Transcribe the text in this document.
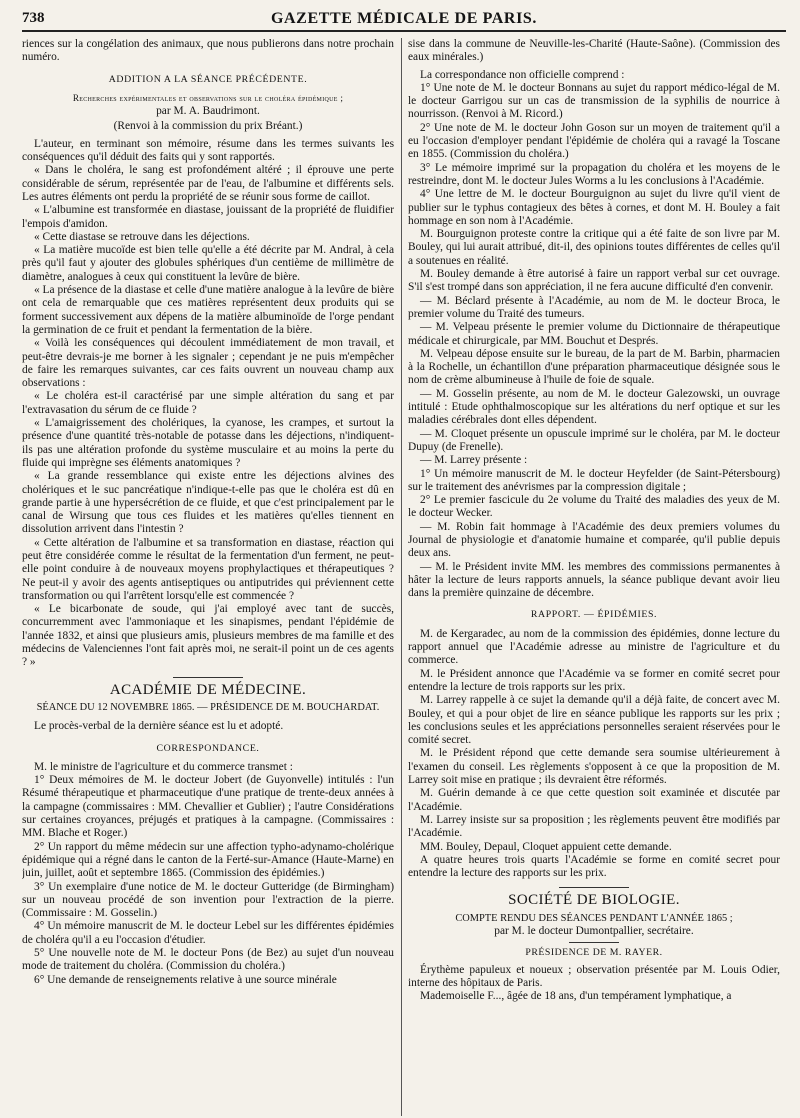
738	GAZETTE MÉDICALE DE PARIS.

riences sur la congélation des animaux, que nous publierons dans notre prochain numéro.

ADDITION A LA SÉANCE PRÉCÉDENTE.
Recherches expérimentales et observations sur le choléra épidémique ;
par M. A. Baudrimont.
(Renvoi à la commission du prix Bréant.)

L'auteur, en terminant son mémoire, résume dans les termes suivants les conséquences qu'il déduit des faits qui y sont rapportés.

« Dans le choléra, le sang est profondément altéré ; il éprouve une perte considérable de sérum, représentée par de l'eau, de l'albumine et différents sels. Les autres éléments ont perdu la propriété de se réunir sous forme de caillot.

« L'albumine est transformée en diastase, jouissant de la propriété de fluidifier l'empois d'amidon.

« Cette diastase se retrouve dans les déjections.

« La matière mucoïde est bien telle qu'elle a été décrite par M. Andral, à cela près qu'il faut y ajouter des globules sphériques d'un centième de millimètre de diamètre, analogues à ceux qui constituent la levûre de bière.

« La présence de la diastase et celle d'une matière analogue à la levûre de bière ont cela de remarquable que ces matières représentent deux produits qui se forment successivement aux dépens de la matière albuminoïde de l'orge pendant la germination de ce fruit et pendant la fermentation de la bière.

« Voilà les conséquences qui découlent immédiatement de mon travail, et peut-être devrais-je me borner à les signaler ; cependant je ne puis m'empêcher de faire les remarques suivantes, car ces faits ouvrent un nouveau champ aux observations :

« Le choléra est-il caractérisé par une simple altération du sang et par l'extravasation du sérum de ce fluide ?

« L'amaigrissement des cholériques, la cyanose, les crampes, et surtout la présence d'une quantité très-notable de potasse dans les déjections, n'indiquent-ils pas une altération profonde du système musculaire et au moins la perte du fluide qui imprègne ses éléments anatomiques ?

« La grande ressemblance qui existe entre les déjections alvines des cholériques et le suc pancréatique n'indique-t-elle pas que le choléra est dû en grande partie à une hypersécrétion de ce fluide, et que c'est principalement par le canal de Wirsung que tous ces fluides et les matières qu'elles tiennent en dissolution arrivent dans l'intestin ?

« Cette altération de l'albumine et sa transformation en diastase, réaction qui peut être considérée comme le résultat de la fermentation d'un ferment, ne peut-elle point conduire à de nouveaux moyens prophylactiques et thérapeutiques ? Ne peut-il y avoir des agents antiseptiques ou antiputrides qui préviennent cette transformation ou qui l'arrêtent lorsqu'elle est commencée ?

« Le bicarbonate de soude, qui j'ai employé avec tant de succès, concurremment avec l'ammoniaque et les sinapismes, pendant l'épidémie de l'année 1832, et ainsi que plusieurs amis, plusieurs membres de ma famille et des médecins de Valenciennes l'ont fait après moi, ne serait-il point un de ces agents ? »

ACADÉMIE DE MÉDECINE.

SÉANCE DU 12 NOVEMBRE 1865. — PRÉSIDENCE DE M. BOUCHARDAT.

Le procès-verbal de la dernière séance est lu et adopté.

CORRESPONDANCE.

M. le ministre de l'agriculture et du commerce transmet :

1° Deux mémoires de M. le docteur Jobert (de Guyonvelle) intitulés : l'un Résumé thérapeutique et pharmaceutique d'une pratique de trente-deux années à la campagne (commissaires : MM. Chevallier et Gublier) ; l'autre Considérations sur certaines croyances, préjugés et pratiques à la campagne. (Commissaires : MM. Blache et Roger.)

2° Un rapport du même médecin sur une affection typho-adynamo-cholérique épidémique qui a régné dans le canton de la Ferté-sur-Amance (Haute-Marne) en juin, juillet, août et septembre 1865. (Commission des épidémies.)

3° Un exemplaire d'une notice de M. le docteur Gutteridge (de Birmingham) sur un nouveau procédé de son invention pour l'extraction de la pierre. (Commissaire : M. Gosselin.)

4° Un mémoire manuscrit de M. le docteur Lebel sur les différentes épidémies de choléra qu'il a eu l'occasion d'étudier.

5° Une nouvelle note de M. le docteur Pons (de Bez) au sujet d'un nouveau mode de traitement du choléra. (Commission du choléra.)

6° Une demande de renseignements relative à une source minérale

sise dans la commune de Neuville-les-Charité (Haute-Saône). (Commission des eaux minérales.)

La correspondance non officielle comprend :

1° Une note de M. le docteur Bonnans au sujet du rapport médico-légal de M. le docteur Garrigou sur un cas de transmission de la syphilis de nourrice à nourrisson. (Renvoi à M. Ricord.)

2° Une note de M. le docteur John Goson sur un moyen de traitement qu'il a eu l'occasion d'employer pendant l'épidémie de choléra qui a ravagé la Toscane en 1855. (Commission du choléra.)

3° Le mémoire imprimé sur la propagation du choléra et les moyens de le restreindre, dont M. le docteur Jules Worms a lu les conclusions à l'Académie.

4° Une lettre de M. le docteur Bourguignon au sujet du livre qu'il vient de publier sur le typhus contagieux des bêtes à cornes, et dont M. H. Bouley a fait hommage en son nom à l'Académie.

M. Bourguignon proteste contre la critique qui a été faite de son livre par M. Bouley, qui lui aurait attribué, dit-il, des opinions toutes différentes de celles qu'il a soutenues en réalité.

M. Bouley demande à être autorisé à faire un rapport verbal sur cet ouvrage. S'il s'est trompé dans son appréciation, il ne fera aucune difficulté d'en convenir.

— M. Béclard présente à l'Académie, au nom de M. le docteur Broca, le premier volume du Traité des tumeurs.

— M. Velpeau présente le premier volume du Dictionnaire de thérapeutique médicale et chirurgicale, par MM. Bouchut et Després.

M. Velpeau dépose ensuite sur le bureau, de la part de M. Barbin, pharmacien à la Rochelle, un échantillon d'une préparation pharmaceutique désignée sous le nom de crème albumineuse à l'huile de foie de squale.

— M. Gosselin présente, au nom de M. le docteur Galezowski, un ouvrage intitulé : Etude ophthalmoscopique sur les altérations du nerf optique et sur les maladies cérébrales dont elles dépendent.

— M. Cloquet présente un opuscule imprimé sur le choléra, par M. le docteur Dupuy (de Frenelle).

— M. Larrey présente :

1° Un mémoire manuscrit de M. le docteur Heyfelder (de Saint-Pétersbourg) sur le traitement des anévrismes par la compression digitale ;

2° Le premier fascicule du 2e volume du Traité des maladies des yeux de M. le docteur Wecker.

— M. Robin fait hommage à l'Académie des deux premiers volumes du Journal de physiologie et d'anatomie humaine et comparée, qu'il publie depuis deux ans.

— M. le Président invite MM. les membres des commissions permanentes à hâter la lecture de leurs rapports annuels, la séance publique devant avoir lieu dans la première quinzaine de décembre.

RAPPORT. — ÉPIDÉMIES.

M. de Kergaradec, au nom de la commission des épidémies, donne lecture du rapport annuel que l'Académie adresse au ministre de l'agriculture et du commerce.

M. le Président annonce que l'Académie va se former en comité secret pour entendre la lecture de trois rapports sur les prix.

M. Larrey rappelle à ce sujet la demande qu'il a déjà faite, de concert avec M. Bouley, et qui a pour objet de lire en séance publique les rapports sur les prix ; les conclusions seules et les appréciations personnelles seraient réservées pour le comité secret.

M. le Président répond que cette demande sera soumise ultérieurement à l'examen du conseil. Les règlements s'opposent à ce que la proposition de M. Larrey soit mise en pratique ; ils devraient être réformés.

M. Guérin demande à ce que cette question soit examinée et discutée par l'Académie.

M. Larrey insiste sur sa proposition ; les règlements peuvent être modifiés par l'Académie.

MM. Bouley, Depaul, Cloquet appuient cette demande.

A quatre heures trois quarts l'Académie se forme en comité secret pour entendre la lecture des rapports sur les prix.

SOCIÉTÉ DE BIOLOGIE.
COMPTE RENDU DES SÉANCES PENDANT L'ANNÉE 1865 ;
par M. le docteur Dumontpallier, secrétaire.
PRÉSIDENCE DE M. RAYER.

Érythème papuleux et noueux ; observation présentée par M. Louis Odier, interne des hôpitaux de Paris.

Mademoiselle F..., âgée de 18 ans, d'un tempérament lymphatique, a
